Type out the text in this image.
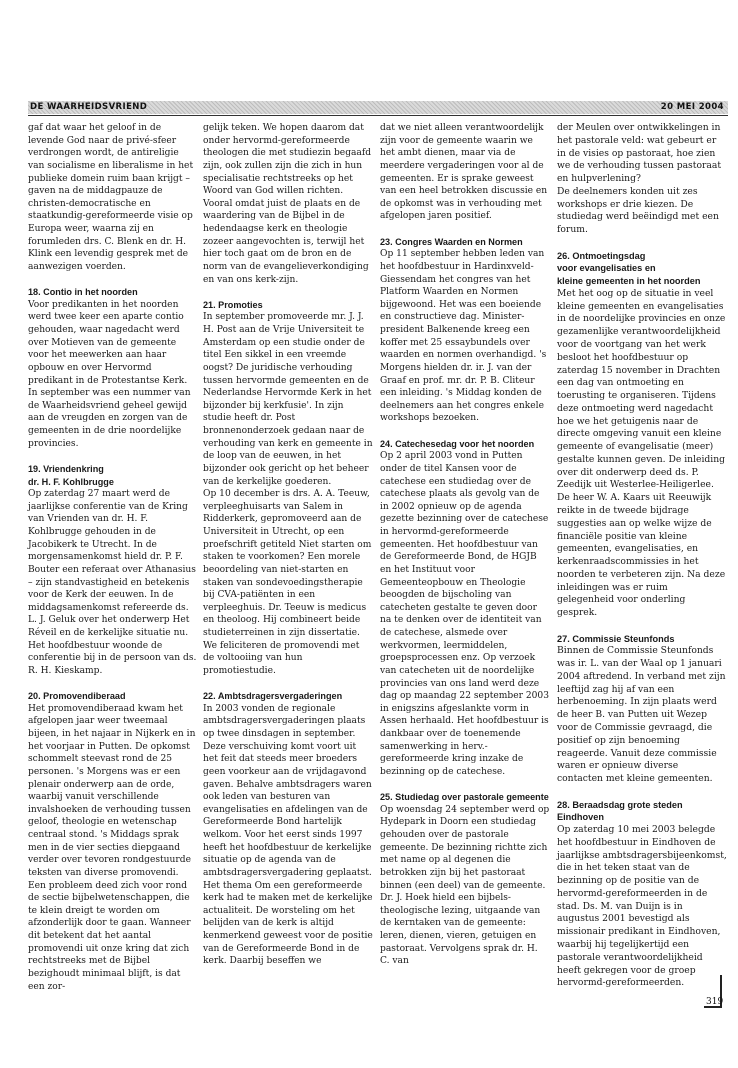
DE WAARHEIDSVRIEND	20 MEI 2004

gaf dat waar het geloof in de levende God naar de privé-sfeer verdrongen wordt, de antireligie van socialisme en liberalisme in het publieke domein ruim baan krijgt – gaven na de middagpauze de christen-democratische en staatkundig-gereformeerde visie op Europa weer, waarna zij en forumleden drs. C. Blenk en dr. H. Klink een levendig gesprek met de aanwezigen voerden.

18. Contio in het noorden

Voor predikanten in het noorden werd twee keer een aparte contio gehouden, waar nagedacht werd over Motieven van de gemeente voor het meewerken aan haar opbouw en over Hervormd predikant in de Protestantse Kerk.

In september was een nummer van de Waarheidsvriend geheel gewijd aan de vreugden en zorgen van de gemeenten in de drie noordelijke provincies.

19. Vriendenkring
dr. H. F. Kohlbrugge

Op zaterdag 27 maart werd de jaarlijkse conferentie van de Kring van Vrienden van dr. H. F. Kohlbrugge gehouden in de Jacobikerk te Utrecht. In de morgensamenkomst hield dr. P. F. Bouter een referaat over Athanasius – zijn standvastigheid en betekenis voor de Kerk der eeuwen. In de middagsamenkomst refereerde ds. L. J. Geluk over het onderwerp Het Réveil en de kerkelijke situatie nu. Het hoofdbestuur woonde de conferentie bij in de persoon van ds. R. H. Kieskamp.

20. Promovendiberaad

Het promovendiberaad kwam het afgelopen jaar weer tweemaal bijeen, in het najaar in Nijkerk en in het voorjaar in Putten. De opkomst schommelt steevast rond de 25 personen. 's Morgens was er een plenair onderwerp aan de orde, waarbij vanuit verschillende invalshoeken de verhouding tussen geloof, theologie en wetenschap centraal stond. 's Middags sprak men in de vier secties diepgaand verder over tevoren rondgestuurde teksten van diverse promovendi. Een probleem deed zich voor rond de sectie bijbelwetenschappen, die te klein dreigt te worden om afzonderlijk door te gaan. Wanneer dit betekent dat het aantal promovendi uit onze kring dat zich rechtstreeks met de Bijbel bezighoudt minimaal blijft, is dat een zor-

gelijk teken. We hopen daarom dat onder hervormd-gereformeerde theologen die met studiezin begaafd zijn, ook zullen zijn die zich in hun specialisatie rechtstreeks op het Woord van God willen richten. Vooral omdat juist de plaats en de waardering van de Bijbel in de hedendaagse kerk en theologie zozeer aangevochten is, terwijl het hier toch gaat om de bron en de norm van de evangelieverkondiging en van ons kerk-zijn.

21. Promoties

In september promoveerde mr. J. J. H. Post aan de Vrije Universiteit te Amsterdam op een studie onder de titel Een sikkel in een vreemde oogst? De juridische verhouding tussen hervormde gemeenten en de Nederlandse Hervormde Kerk in het bijzonder bij kerkfusie'. In zijn studie heeft dr. Post bronnenonderzoek gedaan naar de verhouding van kerk en gemeente in de loop van de eeuwen, in het bijzonder ook gericht op het beheer van de kerkelijke goederen.

Op 10 december is drs. A. A. Teeuw, verpleeghuisarts van Salem in Ridderkerk, gepromoveerd aan de Universiteit in Utrecht, op een proefschrift getiteld Niet starten om staken te voorkomen? Een morele beoordeling van niet-starten en staken van sondevoedingstherapie bij CVA-patiënten in een verpleeghuis. Dr. Teeuw is medicus en theoloog. Hij combineert beide studieterreinen in zijn dissertatie.

We feliciteren de promovendi met de voltooiing van hun promotiestudie.

22. Ambtsdragersvergaderingen

In 2003 vonden de regionale ambtsdragersvergaderingen plaats op twee dinsdagen in september. Deze verschuiving komt voort uit het feit dat steeds meer broeders geen voorkeur aan de vrijdagavond gaven. Behalve ambtsdragers waren ook leden van besturen van evangelisaties en afdelingen van de Gereformeerde Bond hartelijk welkom. Voor het eerst sinds 1997 heeft het hoofdbestuur de kerkelijke situatie op de agenda van de ambtsdragersvergadering geplaatst. Het thema Om een gereformeerde kerk had te maken met de kerkelijke actualiteit. De worsteling om het belijden van de kerk is altijd kenmerkend geweest voor de positie van de Gereformeerde Bond in de kerk. Daarbij beseffen we

dat we niet alleen verantwoordelijk zijn voor de gemeente waarin we het ambt dienen, maar via de meerdere vergaderingen voor al de gemeenten. Er is sprake geweest van een heel betrokken discussie en de opkomst was in verhouding met afgelopen jaren positief.

23. Congres Waarden en Normen

Op 11 september hebben leden van het hoofdbestuur in Hardinxveld-Giessendam het congres van het Platform Waarden en Normen bijgewoond. Het was een boeiende en constructieve dag. Minister-president Balkenende kreeg een koffer met 25 essaybundels over waarden en normen overhandigd. 's Morgens hielden dr. ir. J. van der Graaf en prof. mr. dr. P. B. Cliteur een inleiding. 's Middag konden de deelnemers aan het congres enkele workshops bezoeken.

24. Catechesedag voor het noorden

Op 2 april 2003 vond in Putten onder de titel Kansen voor de catechese een studiedag over de catechese plaats als gevolg van de in 2002 opnieuw op de agenda gezette bezinning over de catechese in hervormd-gereformeerde gemeenten. Het hoofdbestuur van de Gereformeerde Bond, de HGJB en het Instituut voor Gemeenteopbouw en Theologie beoogden de bijscholing van catecheten gestalte te geven door na te denken over de identiteit van de catechese, alsmede over werkvormen, leermiddelen, groepsprocessen enz. Op verzoek van catecheten uit de noordelijke provincies van ons land werd deze dag op maandag 22 september 2003 in enigszins afgeslankte vorm in Assen herhaald. Het hoofdbestuur is dankbaar over de toenemende samenwerking in herv.-gereformeerde kring inzake de bezinning op de catechese.

25. Studiedag over pastorale gemeente

Op woensdag 24 september werd op Hydepark in Doorn een studiedag gehouden over de pastorale gemeente. De bezinning richtte zich met name op al degenen die betrokken zijn bij het pastoraat binnen (een deel) van de gemeente. Dr. J. Hoek hield een bijbels-theologische lezing, uitgaande van de kerntaken van de gemeente: leren, dienen, vieren, getuigen en pastoraat. Vervolgens sprak dr. H. C. van

der Meulen over ontwikkelingen in het pastorale veld: wat gebeurt er in de visies op pastoraat, hoe zien we de verhouding tussen pastoraat en hulpverlening?

De deelnemers konden uit zes workshops er drie kiezen. De studiedag werd beëindigd met een forum.

26. Ontmoetingsdag
voor evangelisaties en
kleine gemeenten in het noorden

Met het oog op de situatie in veel kleine gemeenten en evangelisaties in de noordelijke provincies en onze gezamenlijke verantwoordelijkheid voor de voortgang van het werk besloot het hoofdbestuur op zaterdag 15 november in Drachten een dag van ontmoeting en toerusting te organiseren. Tijdens deze ontmoeting werd nagedacht hoe we het getuigenis naar de directe omgeving vanuit een kleine gemeente of evangelisatie (meer) gestalte kunnen geven. De inleiding over dit onderwerp deed ds. P. Zeedijk uit Westerlee-Heiligerlee. De heer W. A. Kaars uit Reeuwijk reikte in de tweede bijdrage suggesties aan op welke wijze de financiële positie van kleine gemeenten, evangelisaties, en kerkenraadscommissies in het noorden te verbeteren zijn. Na deze inleidingen was er ruim gelegenheid voor onderling gesprek.

27. Commissie Steunfonds

Binnen de Commissie Steunfonds was ir. L. van der Waal op 1 januari 2004 aftredend. In verband met zijn leeftijd zag hij af van een herbenoeming. In zijn plaats werd de heer B. van Putten uit Wezep voor de Commissie gevraagd, die positief op zijn benoeming reageerde. Vanuit deze commissie waren er opnieuw diverse contacten met kleine gemeenten.

28. Beraadsdag grote steden
Eindhoven

Op zaterdag 10 mei 2003 belegde het hoofdbestuur in Eindhoven de jaarlijkse ambtsdragersbijeenkomst, die in het teken staat van de bezinning op de positie van de hervormd-gereformeerden in de stad. Ds. M. van Duijn is in augustus 2001 bevestigd als missionair predikant in Eindhoven, waarbij hij tegelijkertijd een pastorale verantwoordelijkheid heeft gekregen voor de groep hervormd-gereformeerden.

319
